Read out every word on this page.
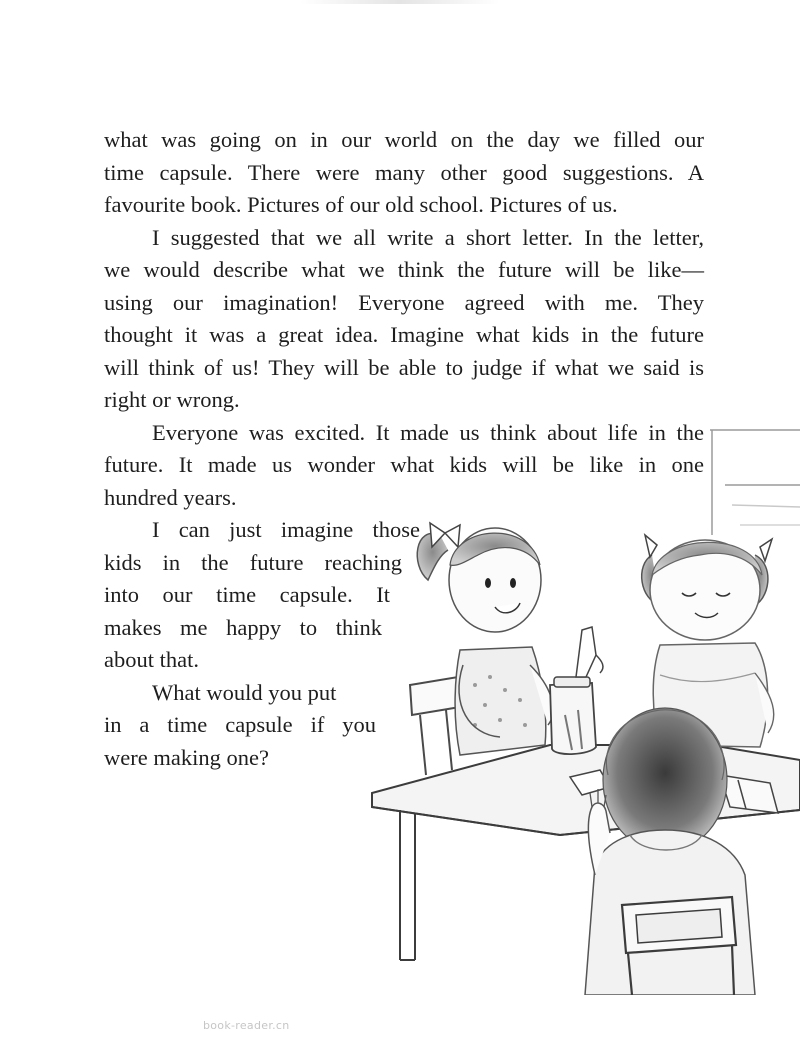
what was going on in our world on the day we filled our
time capsule. There were many other good suggestions. A
favourite book. Pictures of our old school. Pictures of us.
I suggested that we all write a short letter. In the letter,
we would describe what we think the future will be like—
using our imagination! Everyone agreed with me. They
thought it was a great idea. Imagine what kids in the future
will think of us! They will be able to judge if what we said is
right or wrong.
Everyone was excited. It made us think about life in the
future. It made us wonder what kids will be like in one
hundred years.
I can just imagine those
kids in the future reaching
into our time capsule. It
makes me happy to think
about that.
What would you put
in a time capsule if you
were making one?
book-reader.cn
